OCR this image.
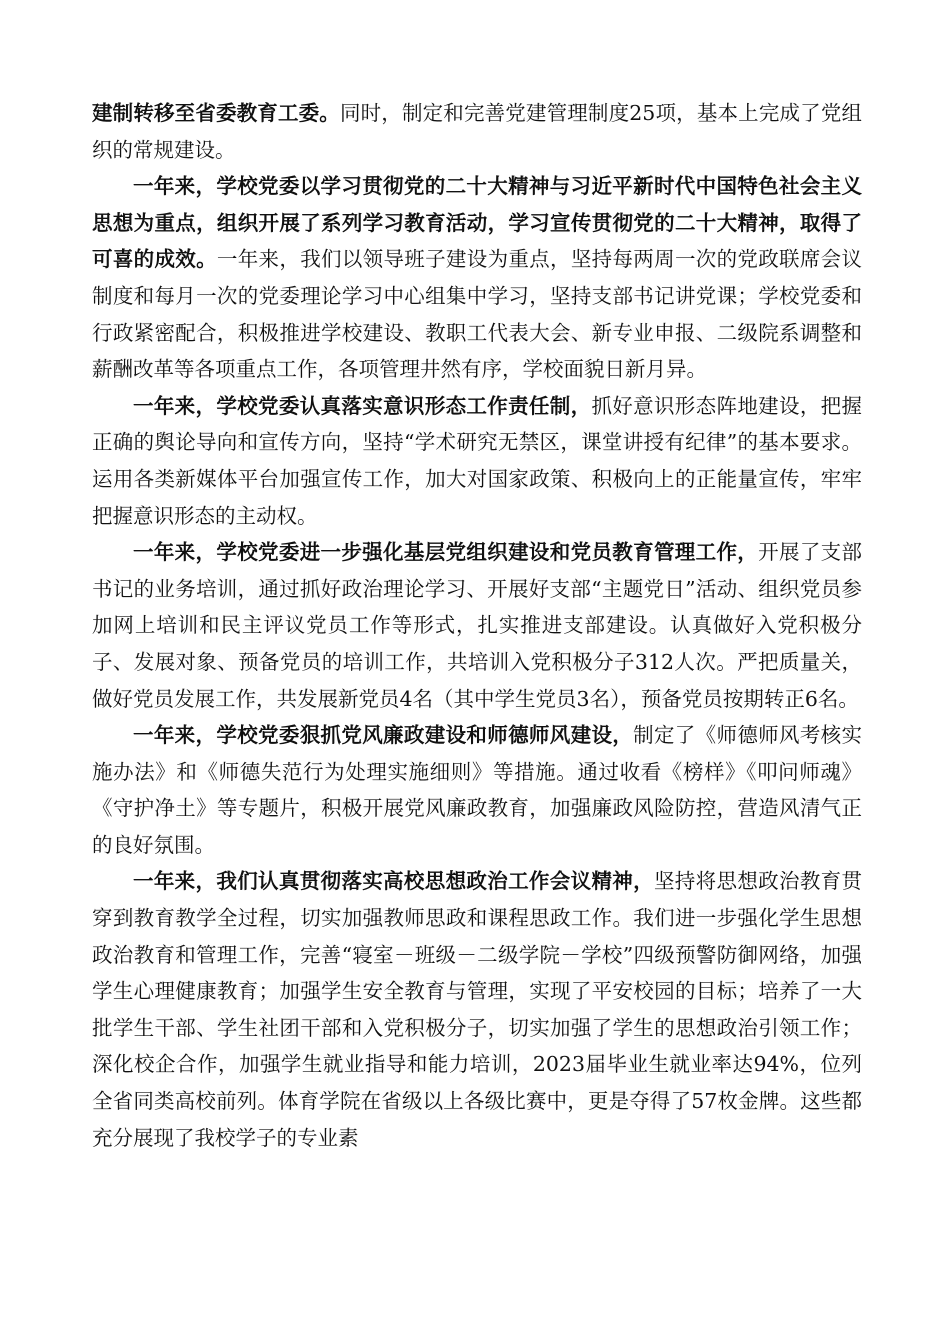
建制转移至省委教育工委。同时，制定和完善党建管理制度25项，基本上完成了党组织的常规建设。

一年来，学校党委以学习贯彻党的二十大精神与习近平新时代中国特色社会主义思想为重点，组织开展了系列学习教育活动，学习宣传贯彻党的二十大精神，取得了可喜的成效。一年来，我们以领导班子建设为重点，坚持每两周一次的党政联席会议制度和每月一次的党委理论学习中心组集中学习，坚持支部书记讲党课；学校党委和行政紧密配合，积极推进学校建设、教职工代表大会、新专业申报、二级院系调整和薪酬改革等各项重点工作，各项管理井然有序，学校面貌日新月异。

一年来，学校党委认真落实意识形态工作责任制，抓好意识形态阵地建设，把握正确的舆论导向和宣传方向，坚持“学术研究无禁区，课堂讲授有纪律”的基本要求。运用各类新媒体平台加强宣传工作，加大对国家政策、积极向上的正能量宣传，牢牢把握意识形态的主动权。

一年来，学校党委进一步强化基层党组织建设和党员教育管理工作，开展了支部书记的业务培训，通过抓好政治理论学习、开展好支部“主题党日”活动、组织党员参加网上培训和民主评议党员工作等形式，扎实推进支部建设。认真做好入党积极分子、发展对象、预备党员的培训工作，共培训入党积极分子312人次。严把质量关，做好党员发展工作，共发展新党员4名（其中学生党员3名），预备党员按期转正6名。

一年来，学校党委狠抓党风廉政建设和师德师风建设，制定了《师德师风考核实施办法》和《师德失范行为处理实施细则》等措施。通过收看《榜样》《叩问师魂》《守护净土》等专题片，积极开展党风廉政教育，加强廉政风险防控，营造风清气正的良好氛围。

一年来，我们认真贯彻落实高校思想政治工作会议精神，坚持将思想政治教育贯穿到教育教学全过程，切实加强教师思政和课程思政工作。我们进一步强化学生思想政治教育和管理工作，完善“寝室－班级－二级学院－学校”四级预警防御网络，加强学生心理健康教育；加强学生安全教育与管理，实现了平安校园的目标；培养了一大批学生干部、学生社团干部和入党积极分子，切实加强了学生的思想政治引领工作；深化校企合作，加强学生就业指导和能力培训，2023届毕业生就业率达94%，位列全省同类高校前列。体育学院在省级以上各级比赛中，更是夺得了57枚金牌。这些都充分展现了我校学子的专业素
